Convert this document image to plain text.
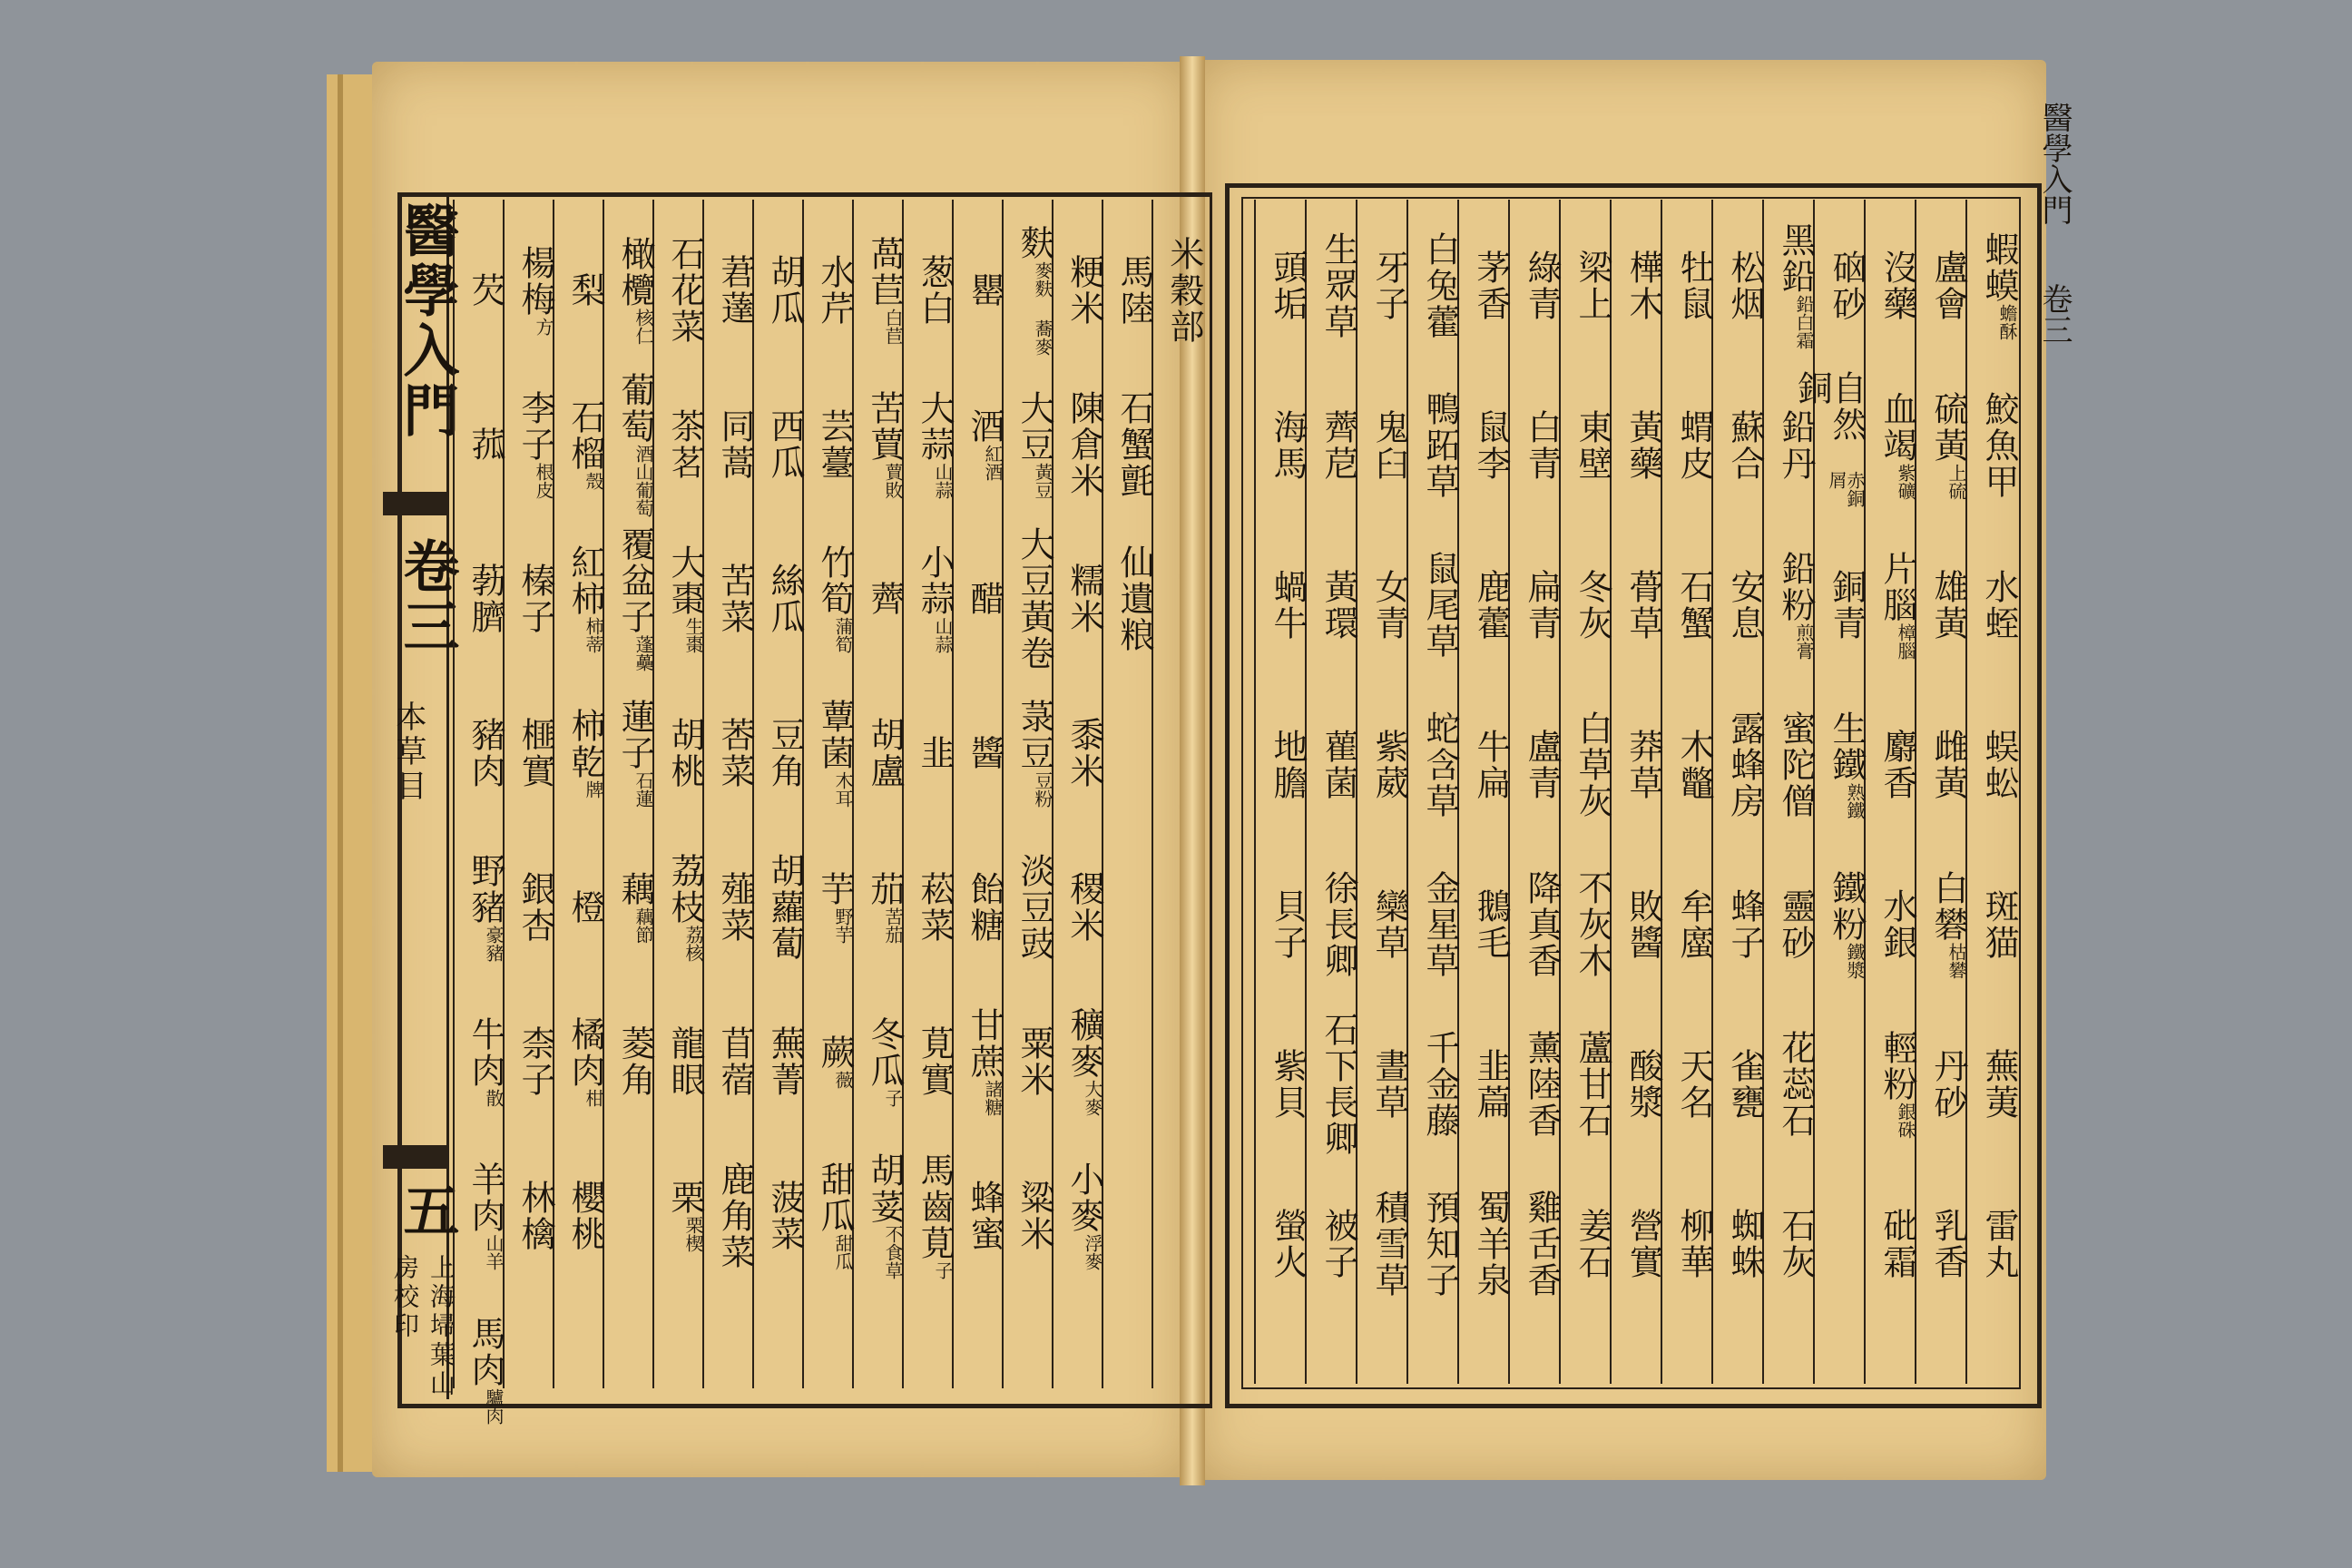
醫學入門
卷三
本草目
五
上海埽葉山房校印
醫學入門
卷三
米穀部
馬陸
石蟹氈
仙遺粮
粳米
陳倉米
糯米
黍米
稷米
穬麥
大麥
小麥
浮麥
麩
麥麩 蕎麥
大豆
黃豆
大豆黃卷
菉豆
豆粉
淡豆豉
粟米
粱米
罌
酒
紅酒
醋
醬
飴糖
甘蔗
諸糖
蜂蜜
葱白
大蒜
山蒜
小蒜
山蒜
韭
菘菜
莧實
馬齒莧
子
萵苣
白苣
苦蕒
蕒敗
薺
胡盧
茄
苦茄
冬瓜
子
胡荽
不食草
水芹
芸薹
竹筍
蒲筍
蕈菌
木耳
芋
野芋
蕨
薇
甜瓜
甜瓜
胡瓜
西瓜
絲瓜
豆角
胡蘿蔔
蕪菁
菠菜
莙薘
同蒿
苦菜
莕菜
薤菜
苜蓿
鹿角菜
石花菜
茶茗
大棗
生棗
胡桃
荔枝
荔核
龍眼
栗
栗楔
橄欖
核仁
葡萄
酒山葡萄
覆盆子
蓬蘽
蓮子
石蓮
藕
藕節
菱角
梨
石榴
殼
紅柿
柿蒂
柿乾
牌
橙
橘肉
柑
櫻桃
楊梅
方
李子
根皮
榛子
榧實
銀杏
柰子
林檎
芡
菰
葧臍
豬肉
野豬
豪豬
牛肉
散
羊肉
山羊
馬肉
驢肉
蝦蟆
蟾酥
鮫魚甲
水蛭
蜈蚣
斑猫
蕪荑
雷丸
盧會
硫黃
上硫
雄黃
雌黃
白礬
枯礬
丹砂
乳香
沒藥
血竭
紫礦
片腦
樟腦
麝香
水銀
輕粉
銀硃
砒霜
硇砂
自然銅
赤銅屑
銅青
生鐵
熟鐵
鐵粉
鐵漿
黑鉛
鉛白霜
鉛丹
鉛粉
煎膏
蜜陀僧
靈砂
花蕊石
石灰
松烟
蘇合
安息
露蜂房
蜂子
雀甕
蜘蛛
牡鼠
蝟皮
石蟹
木鼈
牟䗪
天名
柳華
樺木
黃藥
蓇草
莽草
敗醬
酸漿
營實
梁上
東壁
冬灰
白草灰
不灰木
蘆甘石
姜石
綠青
白青
扁青
盧青
降真香
薰陸香
雞舌香
茅香
鼠李
鹿藿
牛扁
鵝毛
韭萹
蜀羊泉
白兔藿
鴨跖草
鼠尾草
蛇含草
金星草
千金藤
預知子
牙子
鬼臼
女青
紫葳
欒草
晝草
積雪草
生眾草
薺苨
黃環
雚菌
徐長卿
石下長卿
被子
頭垢
海馬
蝸牛
地膽
貝子
紫貝
螢火
